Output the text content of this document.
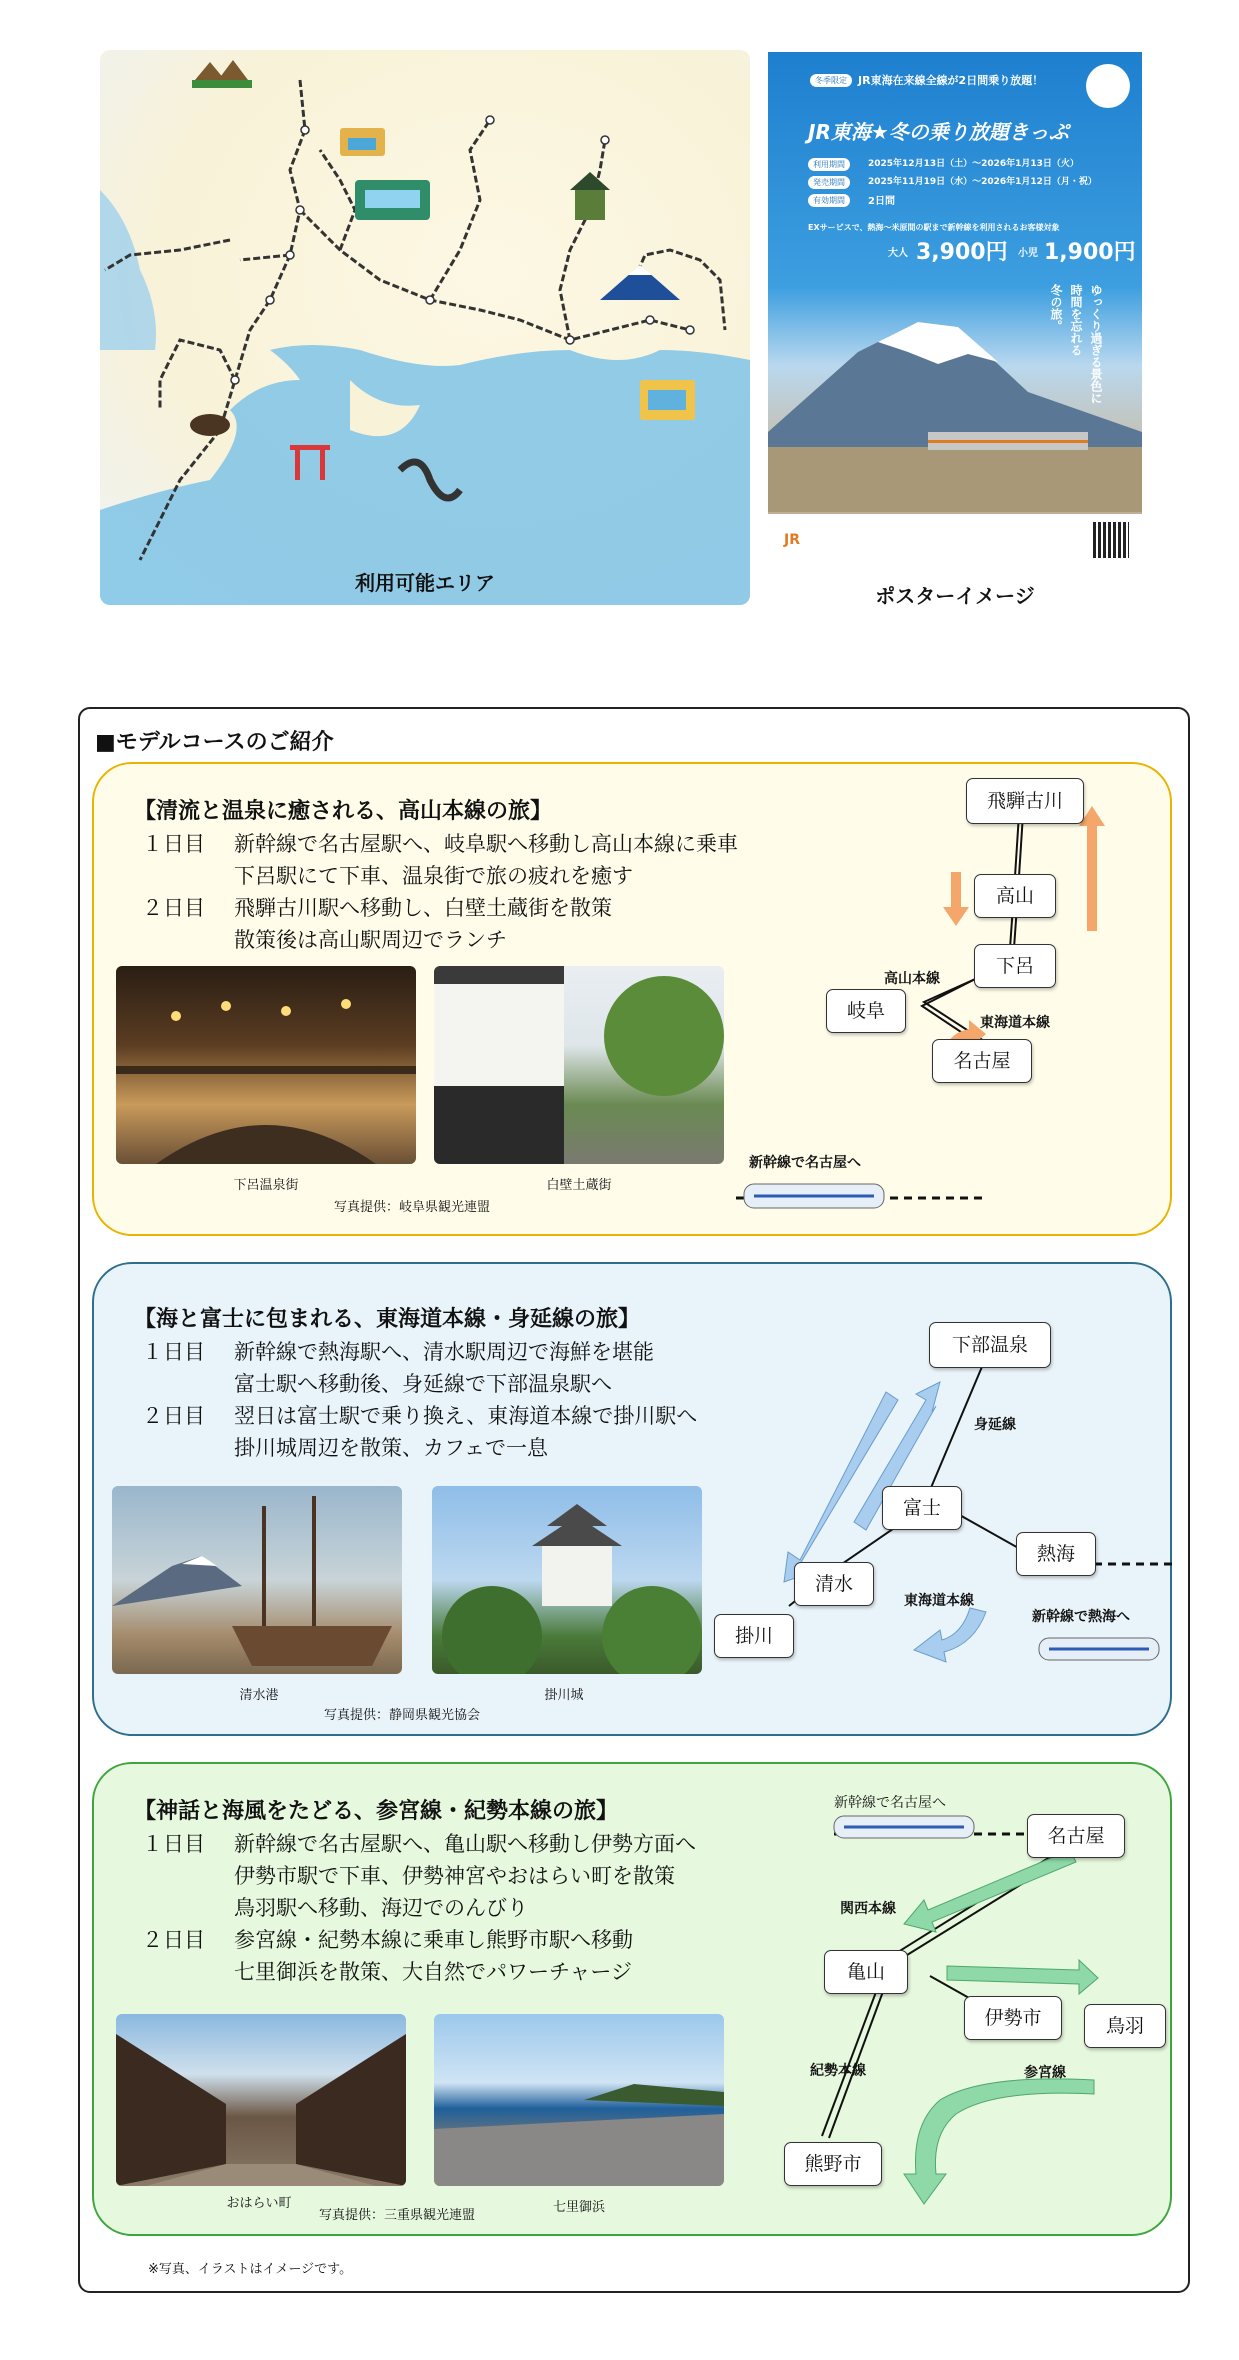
利用可能エリア
冬季限定	JR東海在来線全線が2日間乗り放題！
JR東海★冬の乗り放題きっぷ
利用期間	2025年12月13日（土）～2026年1月13日（火）
発売期間	2025年11月19日（水）～2026年1月12日（月・祝）
有効期間	2日間
EXサービスで、熱海～米原間の駅まで新幹線を利用されるお客様対象
大人 3,900円 小児 1,900円
ゆっくり過ぎる景色に
時間を忘れる
冬の旅。
JR
ポスターイメージ
■モデルコースのご紹介
【清流と温泉に癒される、高山本線の旅】
１日目 新幹線で名古屋駅へ、岐阜駅へ移動し高山本線に乗車
下呂駅にて下車、温泉街で旅の疲れを癒す
２日目 飛騨古川駅へ移動し、白壁土蔵街を散策
散策後は高山駅周辺でランチ
下呂温泉街	白壁土蔵街
写真提供：岐阜県観光連盟
飛騨古川
高山
下呂
岐阜
名古屋
高山本線
東海道本線
新幹線で名古屋へ
【海と富士に包まれる、東海道本線・身延線の旅】
１日目 新幹線で熱海駅へ、清水駅周辺で海鮮を堪能
富士駅へ移動後、身延線で下部温泉駅へ
２日目 翌日は富士駅で乗り換え、東海道本線で掛川駅へ
掛川城周辺を散策、カフェで一息
清水港	掛川城
写真提供：静岡県観光協会
下部温泉
富士
熱海
清水
掛川
身延線
東海道本線
新幹線で熱海へ
【神話と海風をたどる、参宮線・紀勢本線の旅】
１日目 新幹線で名古屋駅へ、亀山駅へ移動し伊勢方面へ
伊勢市駅で下車、伊勢神宮やおはらい町を散策
鳥羽駅へ移動、海辺でのんびり
２日目 参宮線・紀勢本線に乗車し熊野市駅へ移動
七里御浜を散策、大自然でパワーチャージ
おはらい町	七里御浜
写真提供：三重県観光連盟
名古屋
亀山
伊勢市	鳥羽
熊野市
関西本線
紀勢本線	参宮線
新幹線で名古屋へ
※写真、イラストはイメージです。
